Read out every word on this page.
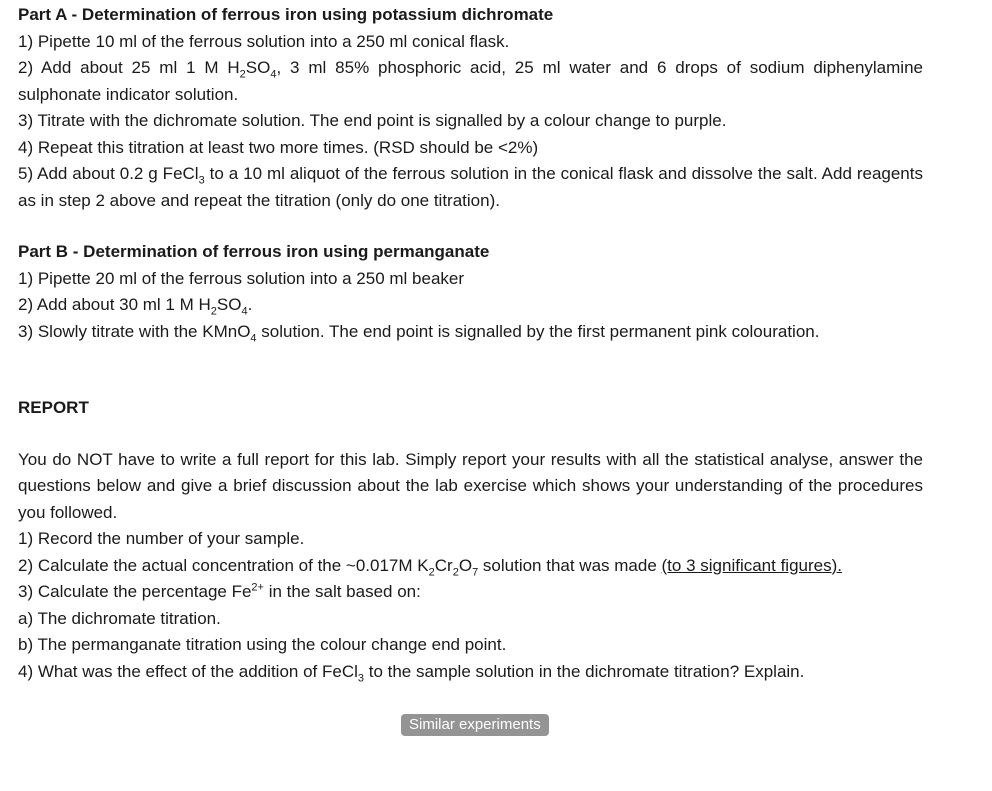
Part A - Determination of ferrous iron using potassium dichromate

1) Pipette 10 ml of the ferrous solution into a 250 ml conical flask.

2) Add about 25 ml 1 M $H_2SO_4$, 3 ml 85% phosphoric acid, 25 ml water and 6 drops of sodium diphenylamine sulphonate indicator solution.

3) Titrate with the dichromate solution. The end point is signalled by a colour change to purple.

4) Repeat this titration at least two more times. (RSD should be <2%)

5) Add about 0.2 g FeCl$_3$ to a 10 ml aliquot of the ferrous solution in the conical flask and dissolve the salt. Add reagents as in step 2 above and repeat the titration (only do one titration).

Part B - Determination of ferrous iron using permanganate

1) Pipette 20 ml of the ferrous solution into a 250 ml beaker

2) Add about 30 ml 1 M $H_2SO_4$.

3) Slowly titrate with the KMnO$_4$ solution. The end point is signalled by the first permanent pink colouration.

REPORT

You do NOT have to write a full report for this lab. Simply report your results with all the statistical analyse, answer the questions below and give a brief discussion about the lab exercise which shows your understanding of the procedures you followed.

1) Record the number of your sample.

2) Calculate the actual concentration of the ~0.017M $K_2Cr_2O_7$ solution that was made (to 3 significant figures).

3) Calculate the percentage $Fe^{2+}$ in the salt based on:

a) The dichromate titration.

b) The permanganate titration using the colour change end point.

4) What was the effect of the addition of FeCl$_3$ to the sample solution in the dichromate titration? Explain.

Similar experiments
